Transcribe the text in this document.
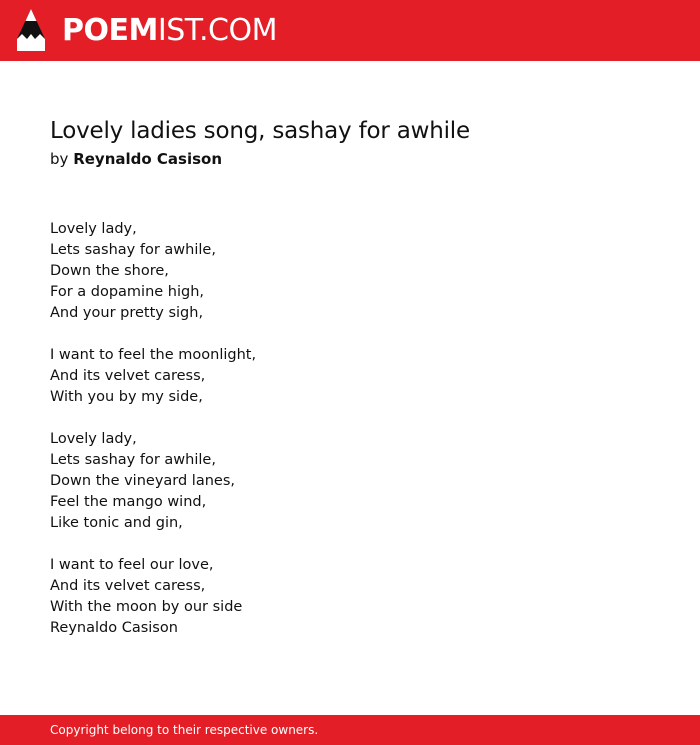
POEMIST.COM
Lovely ladies song, sashay for awhile
by Reynaldo Casison
Lovely lady,
Lets sashay for awhile,
Down the shore,
For a dopamine high,
And your pretty sigh,
I want to feel the moonlight,
And its velvet caress,
With you by my side,
Lovely lady,
Lets sashay for awhile,
Down the vineyard lanes,
Feel the mango wind,
Like tonic and gin,
I want to feel our love,
And its velvet caress,
With the moon by our side
Reynaldo Casison
Copyright belong to their respective owners.
